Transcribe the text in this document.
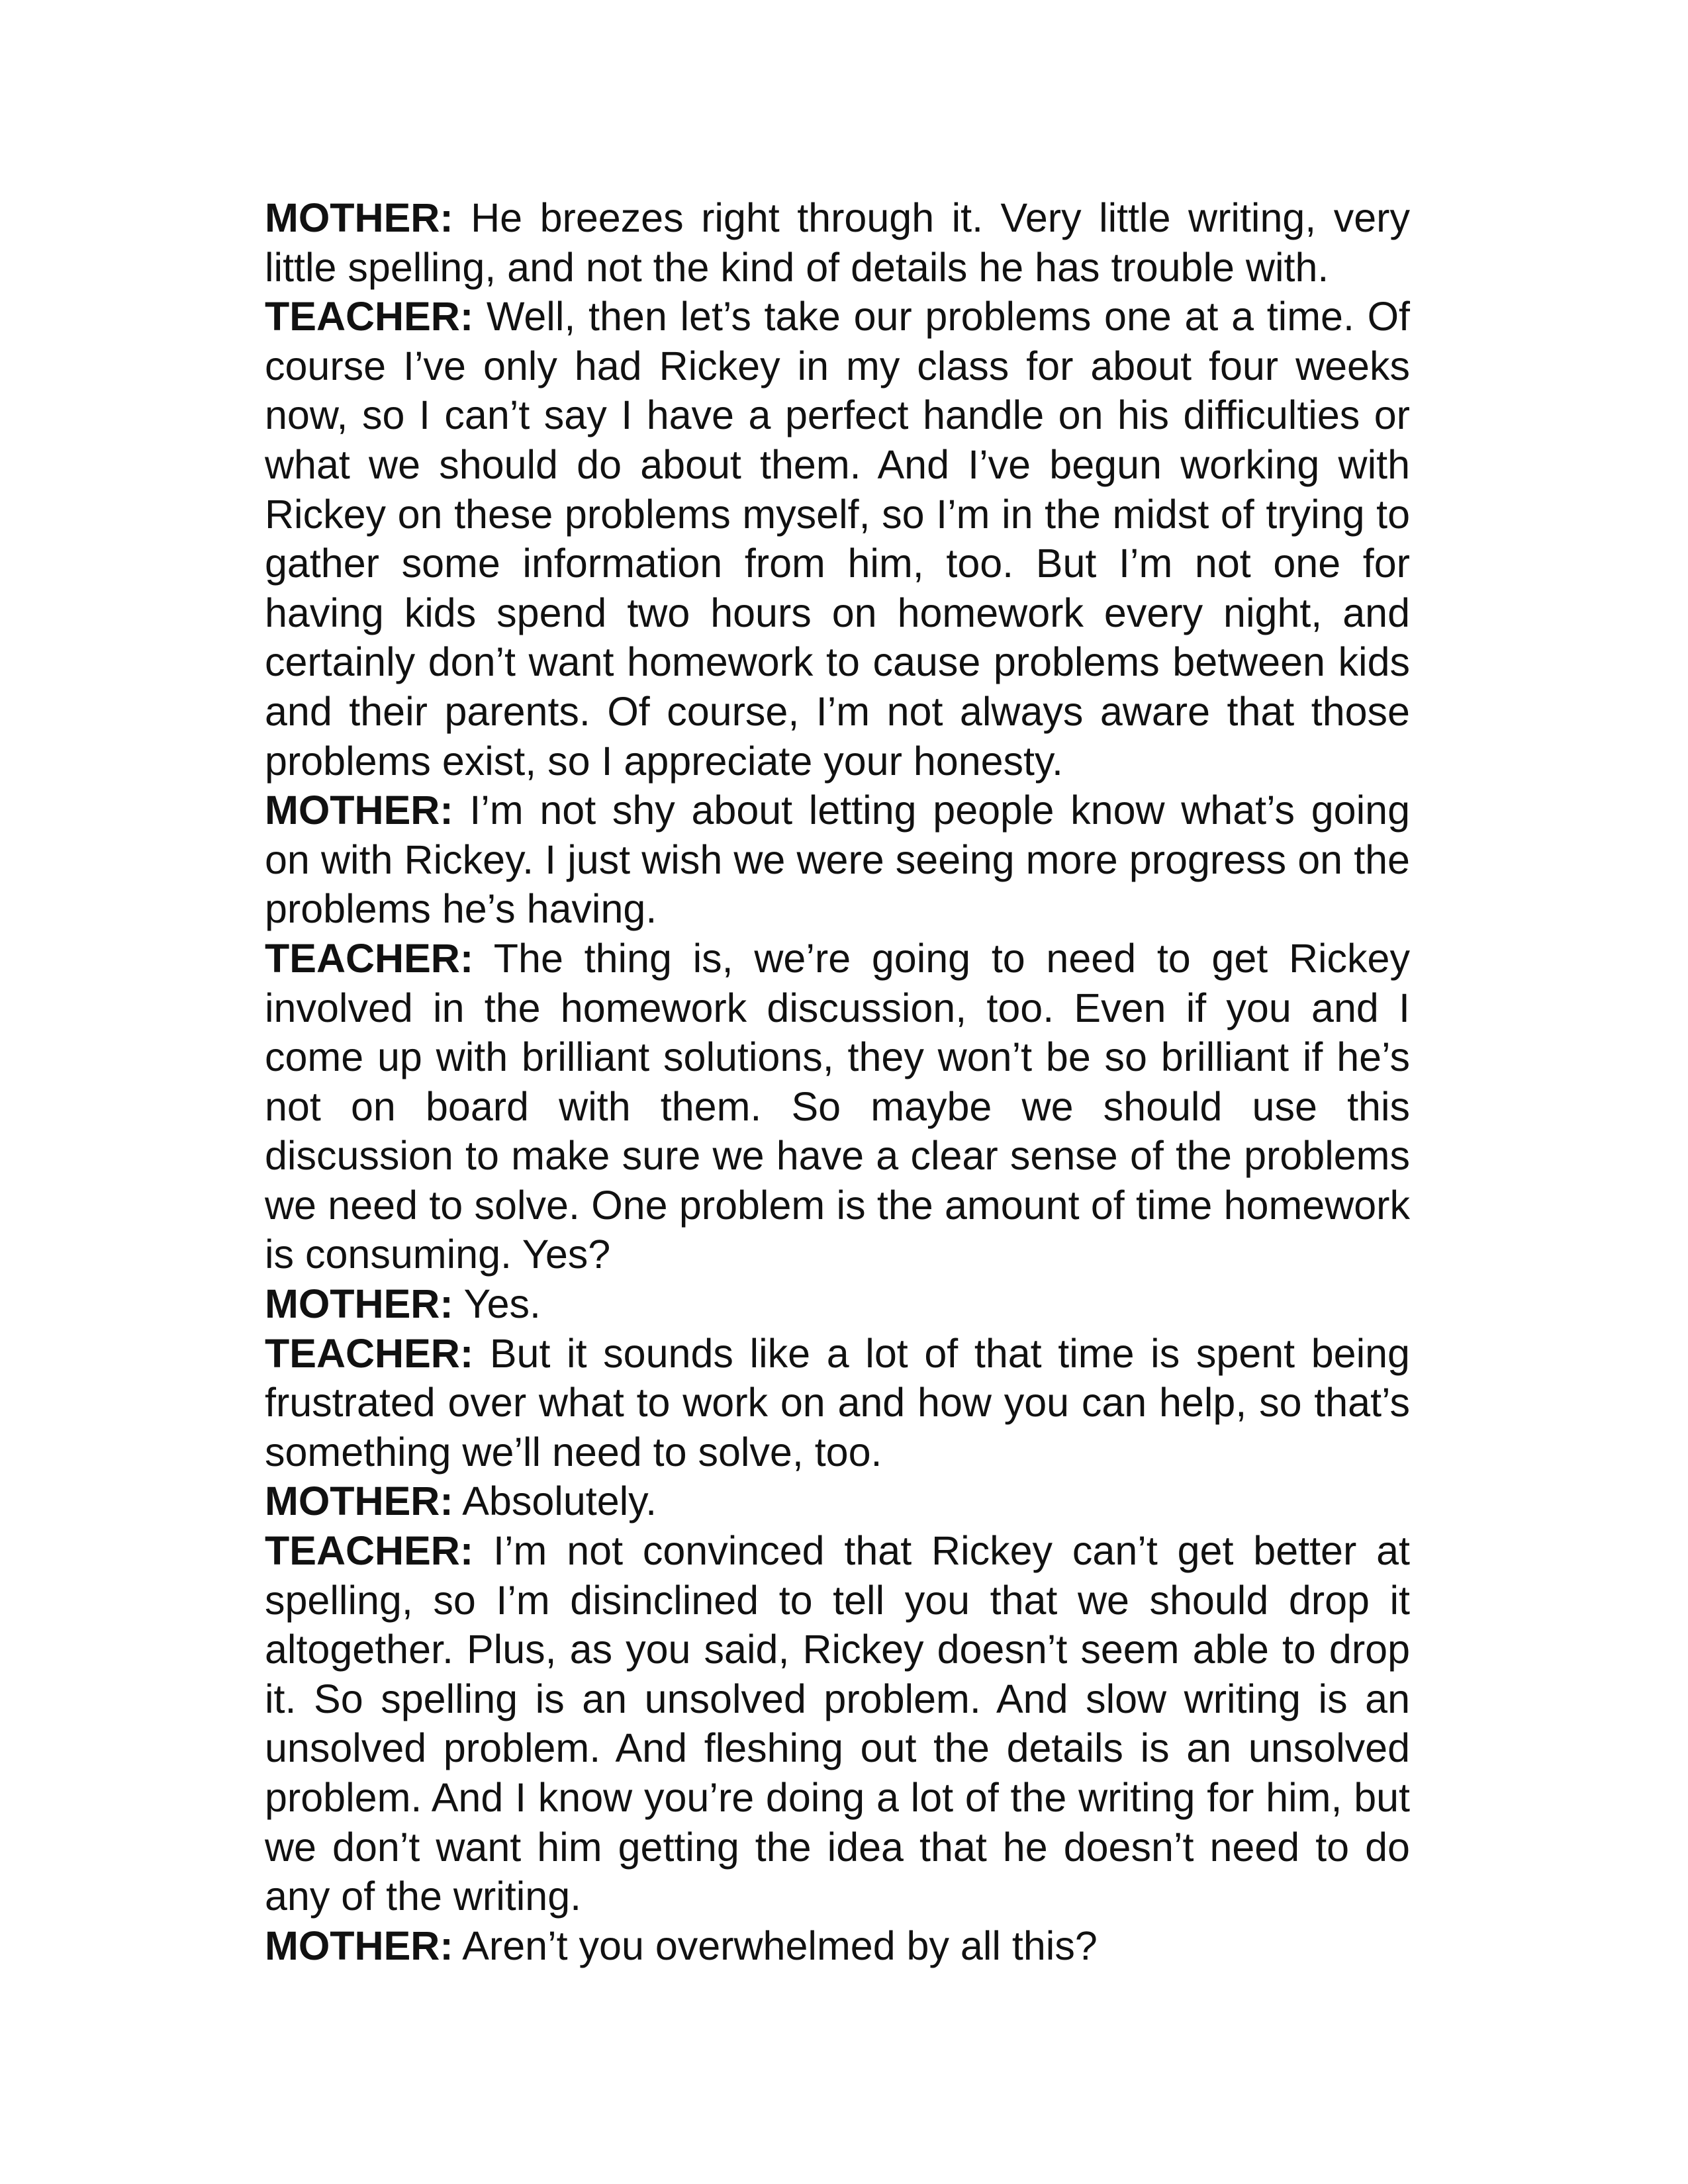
MOTHER: He breezes right through it. Very little writing, very little spelling, and not the kind of details he has trouble with.

TEACHER: Well, then let’s take our problems one at a time. Of course I’ve only had Rickey in my class for about four weeks now, so I can’t say I have a perfect handle on his difficulties or what we should do about them. And I’ve begun working with Rickey on these problems myself, so I’m in the midst of trying to gather some information from him, too. But I’m not one for having kids spend two hours on homework every night, and certainly don’t want homework to cause problems between kids and their parents. Of course, I’m not always aware that those problems exist, so I appreciate your honesty.

MOTHER: I’m not shy about letting people know what’s going on with Rickey. I just wish we were seeing more progress on the problems he’s having.

TEACHER: The thing is, we’re going to need to get Rickey involved in the homework discussion, too. Even if you and I come up with brilliant solutions, they won’t be so brilliant if he’s not on board with them. So maybe we should use this discussion to make sure we have a clear sense of the problems we need to solve. One problem is the amount of time homework is consuming. Yes?

MOTHER: Yes.

TEACHER: But it sounds like a lot of that time is spent being frustrated over what to work on and how you can help, so that’s something we’ll need to solve, too.

MOTHER: Absolutely.

TEACHER: I’m not convinced that Rickey can’t get better at spelling, so I’m disinclined to tell you that we should drop it altogether. Plus, as you said, Rickey doesn’t seem able to drop it. So spelling is an unsolved problem. And slow writing is an unsolved problem. And fleshing out the details is an unsolved problem. And I know you’re doing a lot of the writing for him, but we don’t want him getting the idea that he doesn’t need to do any of the writing.

MOTHER: Aren’t you overwhelmed by all this?
